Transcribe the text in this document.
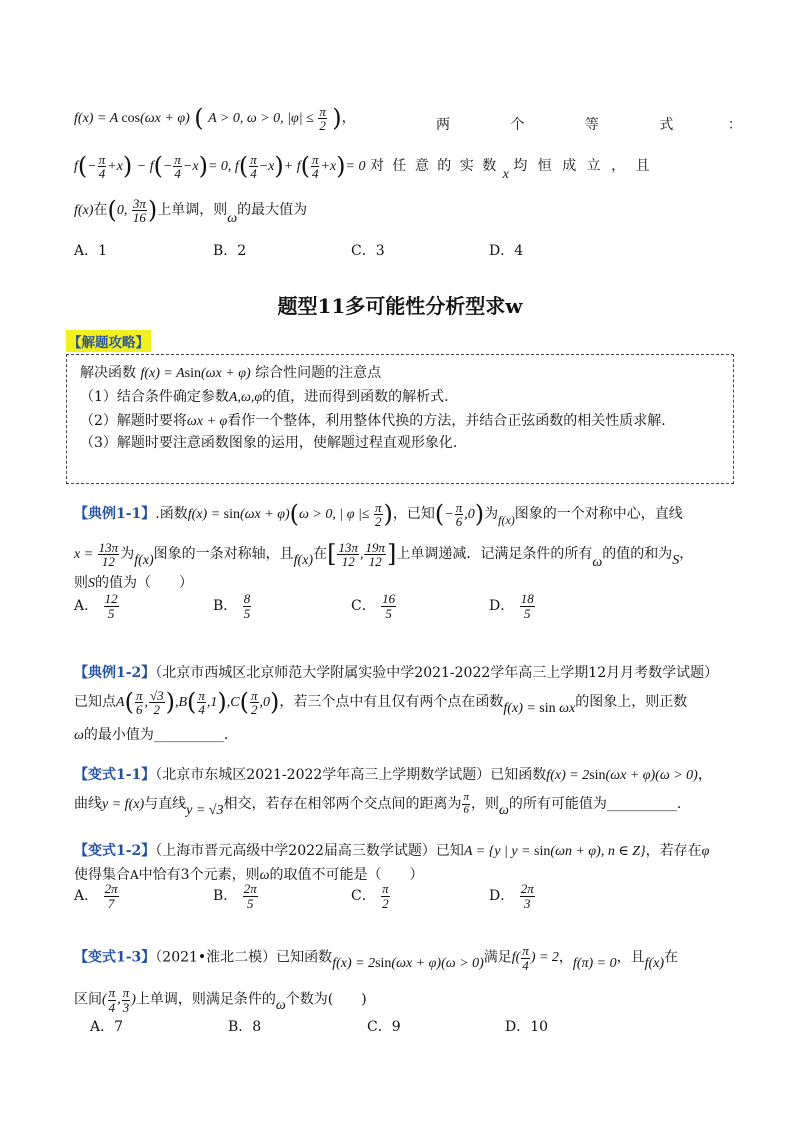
f(x) = A cos(ωx + φ) ( A > 0, ω > 0, $|\varphi| \le \frac{\pi}{2}$ )，	两	个	等	式	：
$f(- \frac{\pi}{4} +x) - f(- \frac{\pi}{4} -x)= 0$, $f( \frac{\pi}{4} -x)+ f( \frac{\pi}{4} +x)= 0$ 对 任 意 的 实 数 x 均 恒 成 立 ， 且
f(x)在(0, $\frac{3\pi}{16}$ )上单调，则ω的最大值为
A．1	B．2	C．3	D．4
题型11多可能性分析型求w
【解题攻略】
解决函数 f(x) = Asin(ωx + φ) 综合性问题的注意点
（1）结合条件确定参数A,ω,φ的值，进而得到函数的解析式.
（2）解题时要将ωx + φ看作一个整体，利用整体代换的方法，并结合正弦函数的相关性质求解.
（3）解题时要注意函数图象的运用，使解题过程直观形象化.
【典例1-1】.函数f(x) = sin(ωx + φ)(ω > 0, | φ |≤ $\frac{\pi}{2}$ )，已知(− $\frac{\pi}{6} ,0$)为f(x)图象的一个对称中心，直线
$x = \frac{13\pi}{12}$ 为f(x)图象的一条对称轴，且f(x)在[ $\frac{13\pi}{12}$ , $\frac{19\pi}{12}$ ]上单调递减．记满足条件的所有ω的值的和为S，
则S的值为（　　）
A． $\frac{12}{5}$	B． $\frac{8}{5}$	C． $\frac{16}{5}$	D． $\frac{18}{5}$
【典例1-2】（北京市西城区北京师范大学附属实验中学2021-2022学年高三上学期12月月考数学试题）
已知点$A( \frac{\pi}{6}$ , $\frac{√3}{2} ),B( \frac{\pi}{4} ,1),C( \frac{\pi}{2} ,0)$，若三个点中有且仅有两个点在函数f(x) = sin ωx的图象上，则正数
ω的最小值为__________.
【变式1-1】（北京市东城区2021-2022学年高三上学期数学试题）已知函数f(x) = 2sin(ωx + φ)(ω > 0)，
曲线y = f(x)与直线y = √3相交，若存在相邻两个交点间的距离为 $\frac{\pi}{6}$ ，则ω的所有可能值为__________.
【变式1-2】（上海市晋元高级中学2022届高三数学试题）已知A = {y | y = sin(ωn + φ), n ∈ Z}，若存在φ
使得集合A中恰有3个元素，则ω的取值不可能是（　　）
A． $\frac{2\pi}{7}$	B． $\frac{2\pi}{5}$	C． $\frac{\pi}{2}$	D． $\frac{2\pi}{3}$
【变式1-3】（2021•淮北二模）已知函数f(x) = 2sin(ωx + φ)(ω > 0)满足$f( \frac{\pi}{4}$ ) = 2，f(π) = 0，且f(x)在
区间( $\frac{\pi}{4}$ , $\frac{\pi}{3}$ )上单调，则满足条件的ω个数为(　　)
A．7	B．8	C．9	D．10
